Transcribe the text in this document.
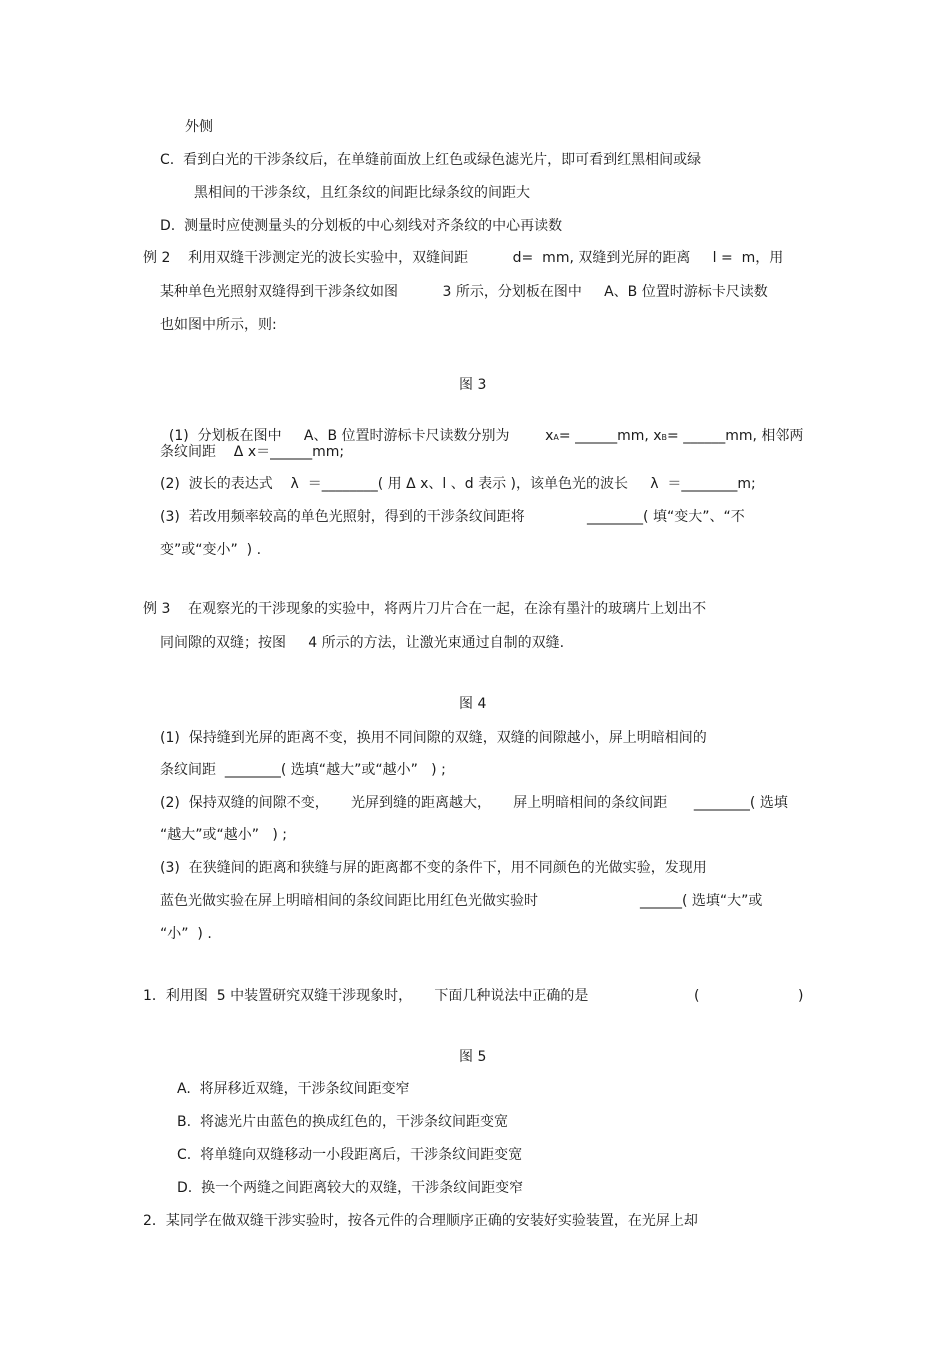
外侧
C.  看到白光的干涉条纹后，在单缝前面放上红色或绿色滤光片，即可看到红黑相间或绿
黑相间的干涉条纹，且红条纹的间距比绿条纹的间距大
D.  测量时应使测量头的分划板的中心刻线对齐条纹的中心再读数
例 2    利用双缝干涉测定光的波长实验中，双缝间距          d=  mm, 双缝到光屏的距离     l =  m，用
某种单色光照射双缝得到干涉条纹如图          3 所示，分划板在图中     A、B 位置时游标卡尺读数
也如图中所示，则:
图 3

(1)  分划板在图中     A、B 位置时游标卡尺读数分别为        xA= ______mm, xB= ______mm, 相邻两

条纹间距    Δ x＝______mm;
(2)  波长的表达式    λ  ＝________( 用 Δ x、l 、d 表示 )，该单色光的波长     λ  ＝________m;
(3)  若改用频率较高的单色光照射，得到的干涉条纹间距将              ________( 填“变大”、“不
变”或“变小”  ) .
例 3    在观察光的干涉现象的实验中，将两片刀片合在一起，在涂有墨汁的玻璃片上划出不
同间隙的双缝；按图     4 所示的方法，让激光束通过自制的双缝.
图 4
(1)  保持缝到光屏的距离不变，换用不同间隙的双缝，双缝的间隙越小，屏上明暗相间的
条纹间距  ________( 选填“越大”或“越小”   ) ;
(2)  保持双缝的间隙不变，     光屏到缝的距离越大，     屏上明暗相间的条纹间距      ________( 选填
“越大”或“越小”   ) ;
(3)  在狭缝间的距离和狭缝与屏的距离都不变的条件下，用不同颜色的光做实验，发现用
蓝色光做实验在屏上明暗相间的条纹间距比用红色光做实验时	______( 选填“大”或
“小”  ) .
1．利用图  5 中装置研究双缝干涉现象时，     下面几种说法中正确的是	(	)
图 5
A.  将屏移近双缝，干涉条纹间距变窄
B.  将滤光片由蓝色的换成红色的，干涉条纹间距变宽
C.  将单缝向双缝移动一小段距离后，干涉条纹间距变宽
D.  换一个两缝之间距离较大的双缝，干涉条纹间距变窄
2．某同学在做双缝干涉实验时，按各元件的合理顺序正确的安装好实验装置，在光屏上却
